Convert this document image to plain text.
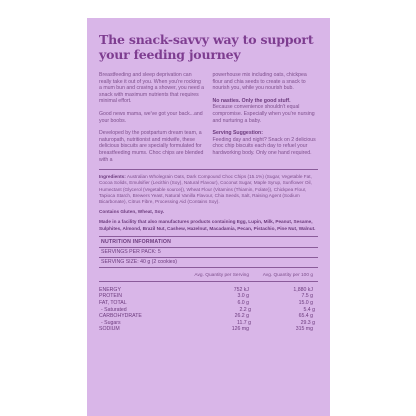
The snack-savvy way to support your feeding journey

Breastfeeding and sleep deprivation can really take it out of you. When you're rocking a mum bun and craving a shower, you need a snack with maximum nutrients that requires minimal effort.

Good news mama, we've got your back...and your boobs.

Developed by the postpartum dream team, a naturopath, nutritionist and midwife, these delicious biscuits are specially formulated for breastfeeding mums. Choc chips are blended with a

powerhouse mix including oats, chickpea flour and chia seeds to create a snack to nourish you, while you nourish bub.

No nasties. Only the good stuff.
Because convenience shouldn't equal compromise. Especially when you're nursing and nurturing a baby.

Serving Suggestion:
Feeding day and night? Snack on 2 delicious choc chip biscuits each day to refuel your hardworking body. Only one hand required.

Ingredients: Australian Wholegrain Oats, Dark Compound Choc Chips (15.1%) (Sugar, Vegetable Fat, Cocoa Solids, Emulsifier (Lecithin (Soy), Natural Flavour), Coconut Sugar, Maple Syrup, Sunflower Oil, Humectant (Glycerol (Vegetable source)), Wheat Flour (Vitamins (Thiamin, Folate)), Chickpea Flour, Tapioca Starch, Brewers Yeast, Natural Vanilla Flavour, Chia Seeds, Salt, Raising Agent (Sodium Bicarbonate), Citrus Fibre, Processing Aid (Contains Soy).

Contains Gluten, Wheat, Soy.

Made in a facility that also manufactures products containing Egg, Lupin, Milk, Peanut, Sesame, Sulphites, Almond, Brazil Nut, Cashew, Hazelnut, Macadamia, Pecan, Pistachio, Pine Nut, Walnut.

NUTRITION INFORMATION
SERVINGS PER PACK: 5
SERVING SIZE: 40 g (2 cookies)
Avg. Quantity per Serving	Avg. Quantity per 100 g
ENERGY	752 kJ	1,880 kJ
PROTEIN	3.0 g	7.5 g
FAT, TOTAL	6.0 g	15.0 g
- Saturated	2.2 g	5.4 g
CARBOHYDRATE	26.2 g	65.4 g
- Sugars	11.7 g	29.3 g
SODIUM	126 mg	315 mg
